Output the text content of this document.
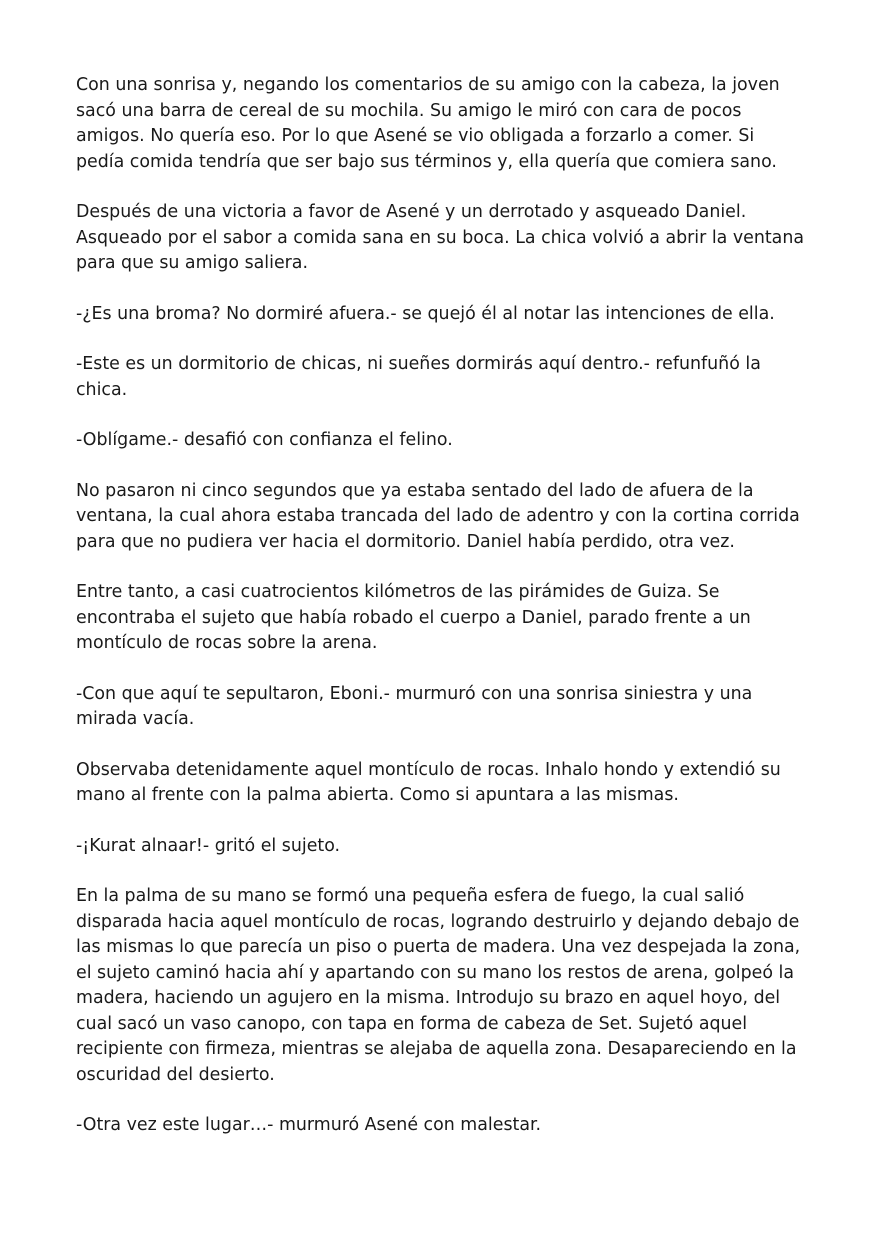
Con una sonrisa y, negando los comentarios de su amigo con la cabeza, la joven sacó una barra de cereal de su mochila. Su amigo le miró con cara de pocos amigos. No quería eso. Por lo que Asené se vio obligada a forzarlo a comer. Si pedía comida tendría que ser bajo sus términos y, ella quería que comiera sano.

Después de una victoria a favor de Asené y un derrotado y asqueado Daniel. Asqueado por el sabor a comida sana en su boca. La chica volvió a abrir la ventana para que su amigo saliera.

-¿Es una broma? No dormiré afuera.- se quejó él al notar las intenciones de ella.

-Este es un dormitorio de chicas, ni sueñes dormirás aquí dentro.- refunfuñó la chica.

-Oblígame.- desafió con confianza el felino.

No pasaron ni cinco segundos que ya estaba sentado del lado de afuera de la ventana, la cual ahora estaba trancada del lado de adentro y con la cortina corrida para que no pudiera ver hacia el dormitorio. Daniel había perdido, otra vez.

Entre tanto, a casi cuatrocientos kilómetros de las pirámides de Guiza. Se encontraba el sujeto que había robado el cuerpo a Daniel, parado frente a un montículo de rocas sobre la arena.

-Con que aquí te sepultaron, Eboni.- murmuró con una sonrisa siniestra y una mirada vacía.

Observaba detenidamente aquel montículo de rocas. Inhalo hondo y extendió su mano al frente con la palma abierta. Como si apuntara a las mismas.

-¡Kurat alnaar!- gritó el sujeto.

En la palma de su mano se formó una pequeña esfera de fuego, la cual salió disparada hacia aquel montículo de rocas, logrando destruirlo y dejando debajo de las mismas lo que parecía un piso o puerta de madera. Una vez despejada la zona, el sujeto caminó hacia ahí y apartando con su mano los restos de arena, golpeó la madera, haciendo un agujero en la misma. Introdujo su brazo en aquel hoyo, del cual sacó un vaso canopo, con tapa en forma de cabeza de Set. Sujetó aquel recipiente con firmeza, mientras se alejaba de aquella zona. Desapareciendo en la oscuridad del desierto.

-Otra vez este lugar…- murmuró Asené con malestar.
